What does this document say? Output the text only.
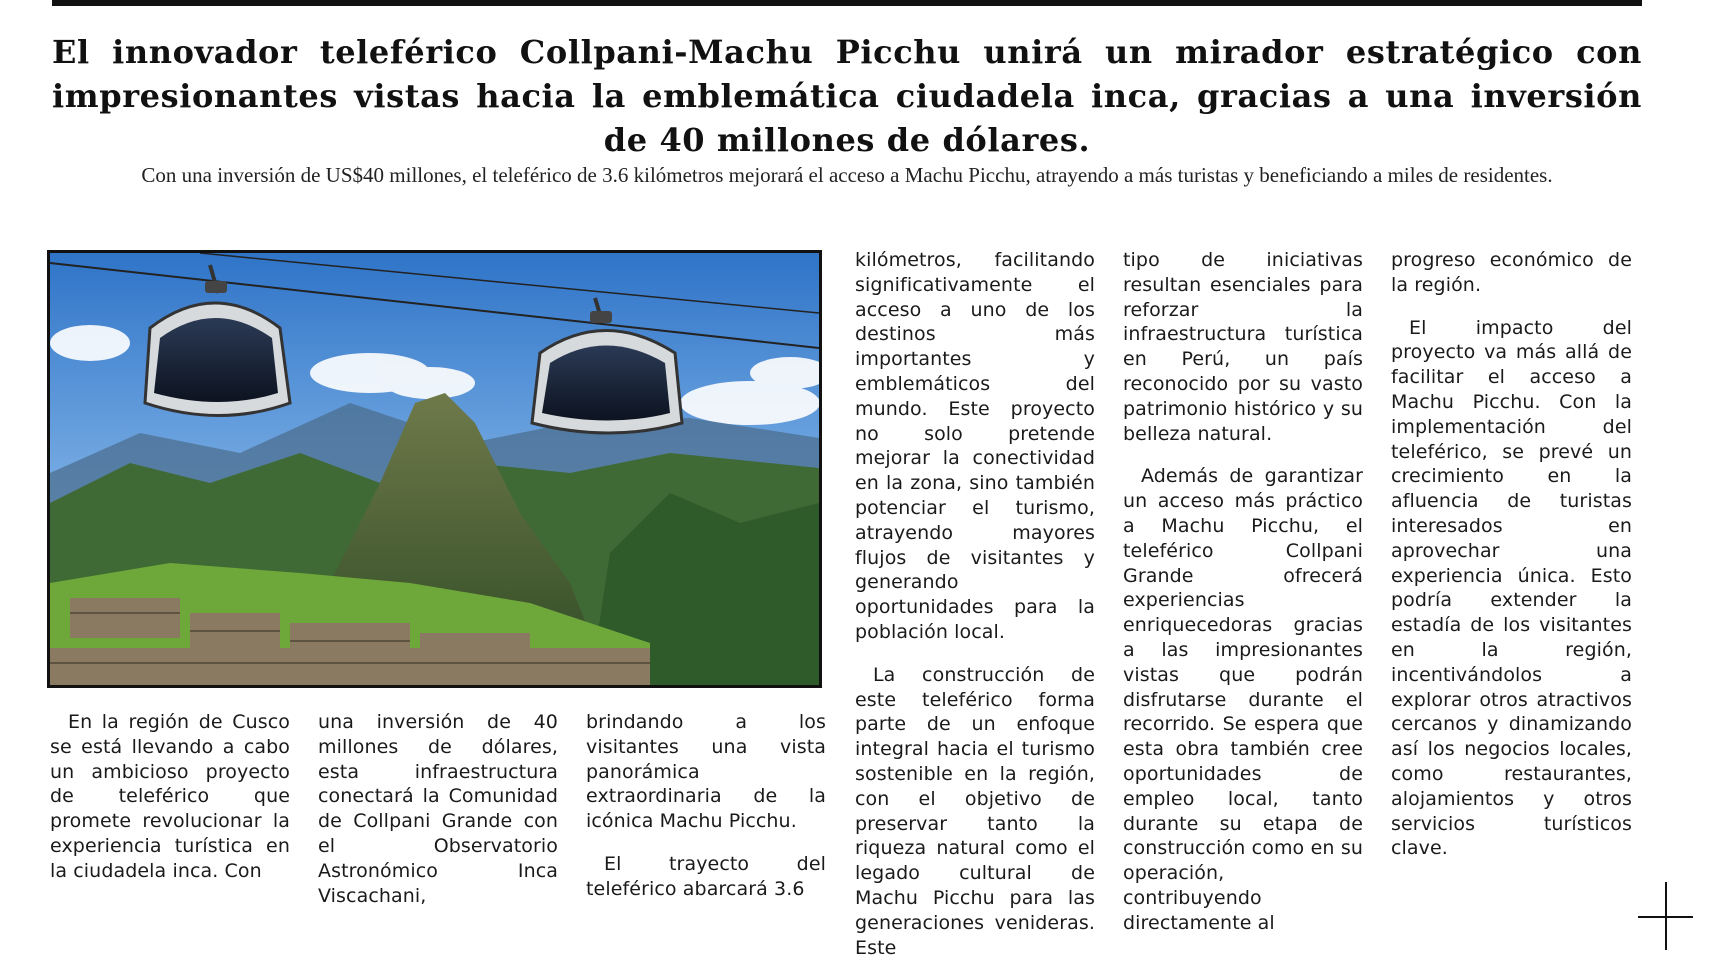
El innovador teleférico Collpani-Machu Picchu unirá un mirador estratégico con impresionantes vistas hacia la emblemática ciudadela inca, gracias a una inversión de 40 millones de dólares.

Con una inversión de US$40 millones, el teleférico de 3.6 kilómetros mejorará el acceso a Machu Picchu, atrayendo a más turistas y beneficiando a miles de residentes.

En la región de Cusco se está llevando a cabo un ambicioso proyecto de teleférico que promete revolucionar la experiencia turística en la ciudadela inca. Con

una inversión de 40 millones de dólares, esta infraestructura conectará la Comunidad de Collpani Grande con el Observatorio Astronómico Inca Viscachani,

brindando a los visitantes una vista panorámica extraordinaria de la icónica Machu Picchu.

El trayecto del teleférico abarcará 3.6

kilómetros, facilitando significativamente el acceso a uno de los destinos más importantes y emblemáticos del mundo. Este proyecto no solo pretende mejorar la conectividad en la zona, sino también potenciar el turismo, atrayendo mayores flujos de visitantes y generando oportunidades para la población local.

La construcción de este teleférico forma parte de un enfoque integral hacia el turismo sostenible en la región, con el objetivo de preservar tanto la riqueza natural como el legado cultural de Machu Picchu para las generaciones venideras. Este

tipo de iniciativas resultan esenciales para reforzar la infraestructura turística en Perú, un país reconocido por su vasto patrimonio histórico y su belleza natural.

Además de garantizar un acceso más práctico a Machu Picchu, el teleférico Collpani Grande ofrecerá experiencias enriquecedoras gracias a las impresionantes vistas que podrán disfrutarse durante el recorrido. Se espera que esta obra también cree oportunidades de empleo local, tanto durante su etapa de construcción como en su operación, contribuyendo directamente al

progreso económico de la región.

El impacto del proyecto va más allá de facilitar el acceso a Machu Picchu. Con la implementación del teleférico, se prevé un crecimiento en la afluencia de turistas interesados en aprovechar una experiencia única. Esto podría extender la estadía de los visitantes en la región, incentivándolos a explorar otros atractivos cercanos y dinamizando así los negocios locales, como restaurantes, alojamientos y otros servicios turísticos clave.
